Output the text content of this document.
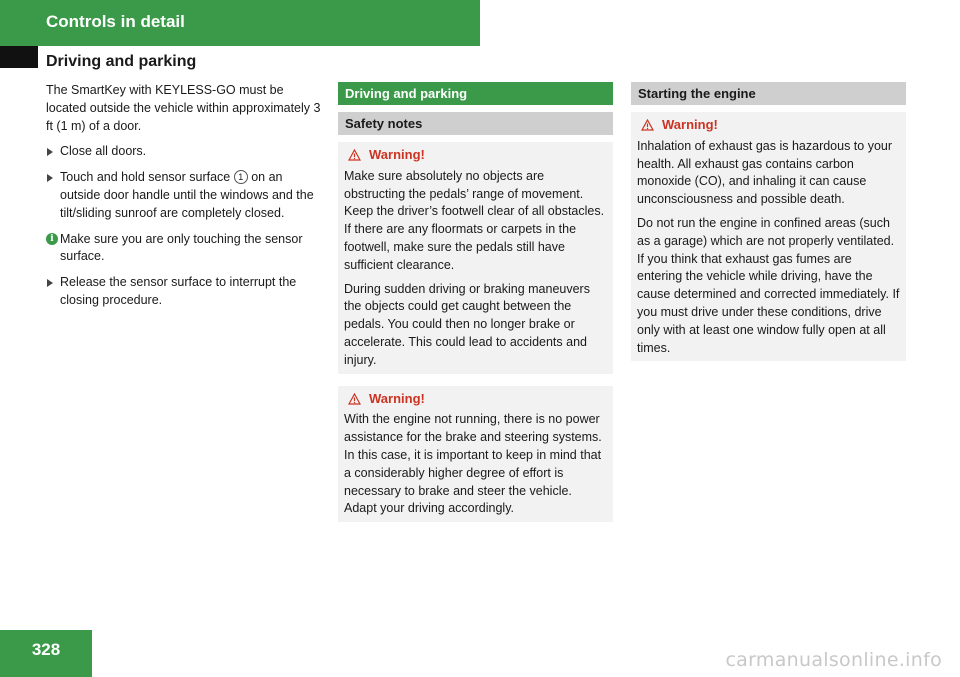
Controls in detail
Driving and parking

The SmartKey with KEYLESS-GO must be located outside the vehicle within approximately 3 ft (1 m) of a door.

Close all doors.
Touch and hold sensor surface 1 on an outside door handle until the windows and the tilt/sliding sunroof are completely closed.
i Make sure you are only touching the sensor surface.
Release the sensor surface to interrupt the closing procedure.
Driving and parking
Safety notes
Warning!

Make sure absolutely no objects are obstructing the pedals’ range of movement. Keep the driver’s footwell clear of all obstacles. If there are any floormats or carpets in the footwell, make sure the pedals still have sufficient clearance.

During sudden driving or braking maneuvers the objects could get caught between the pedals. You could then no longer brake or accelerate. This could lead to accidents and injury.

Warning!

With the engine not running, there is no power assistance for the brake and steering systems. In this case, it is important to keep in mind that a considerably higher degree of effort is necessary to brake and steer the vehicle. Adapt your driving accordingly.

Starting the engine
Warning!

Inhalation of exhaust gas is hazardous to your health. All exhaust gas contains carbon monoxide (CO), and inhaling it can cause unconsciousness and possible death.

Do not run the engine in confined areas (such as a garage) which are not properly ventilated. If you think that exhaust gas fumes are entering the vehicle while driving, have the cause determined and corrected immediately. If you must drive under these conditions, drive only with at least one window fully open at all times.

328	carmanualsonline.info
